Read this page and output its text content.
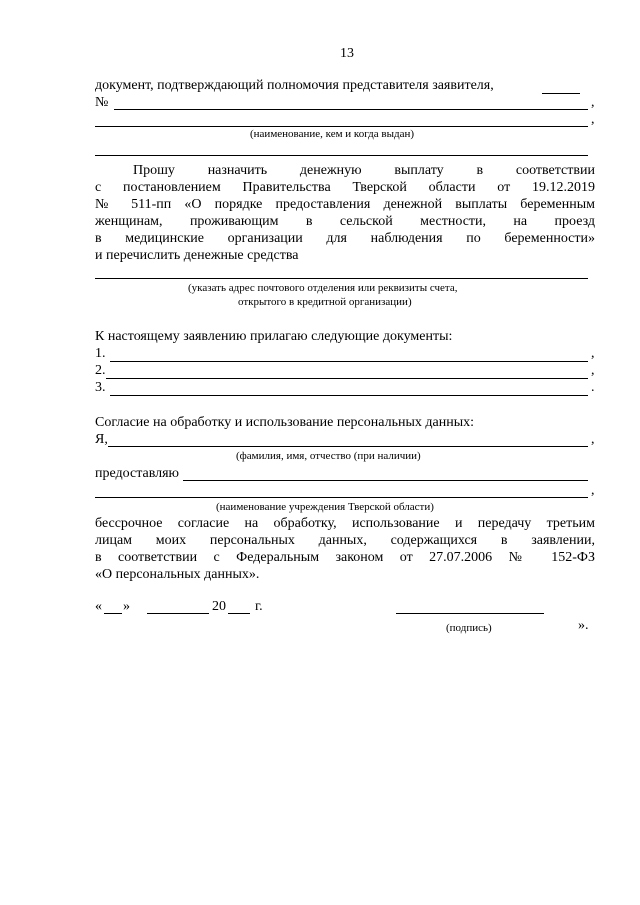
13
документ, подтверждающий полномочия представителя заявителя,
№	,
,
(наименование, кем и когда выдан)
Прошу назначить денежную выплату в соответствии
с постановлением Правительства Тверской области от 19.12.2019
№ 511-пп «О порядке предоставления денежной выплаты беременным
женщинам, проживающим в сельской местности, на проезд
в медицинские организации для наблюдения по беременности»
и перечислить денежные средства
(указать адрес почтового отделения или реквизиты счета,
открытого в кредитной организации)
К настоящему заявлению прилагаю следующие документы:
1.	,
2.	,
3.	.
Согласие на обработку и использование персональных данных:
Я,	,
(фамилия, имя, отчество (при наличии)
предоставляю
,
(наименование учреждения Тверской области)
бессрочное согласие на обработку, использование и передачу третьим
лицам моих персональных данных, содержащихся в заявлении,
в соответствии с Федеральным законом от 27.07.2006 № 152-ФЗ
«О персональных данных».
« »	20 г.
(подпись)	».
